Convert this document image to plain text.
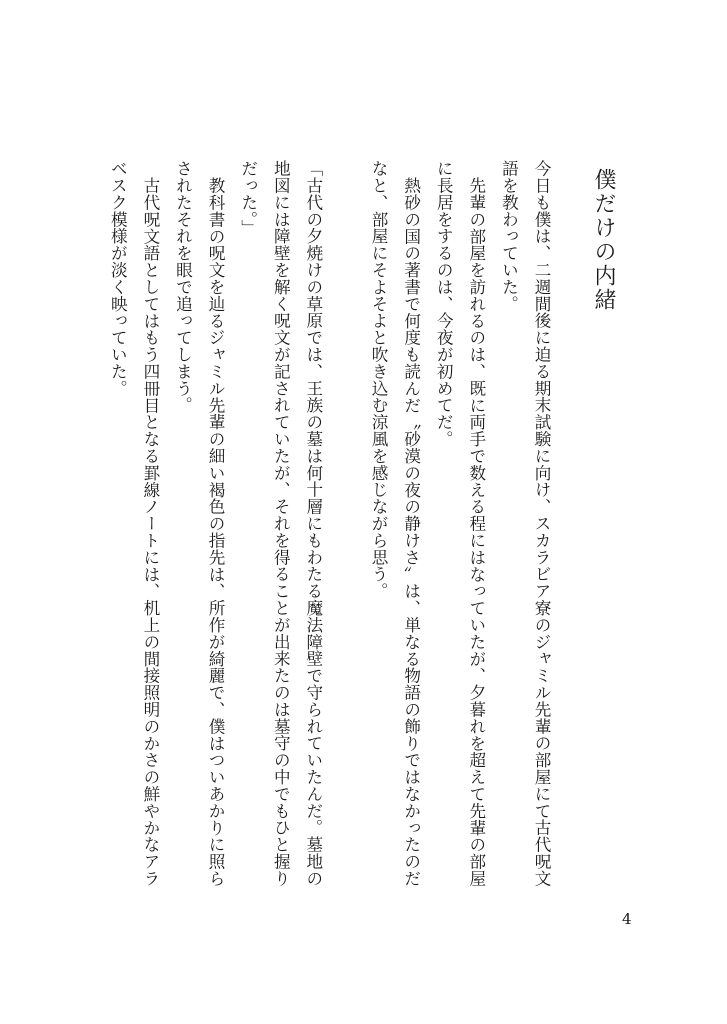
僕だけの内緒

今日も僕は、二週間後に迫る期末試験に向け、スカラビア寮のジャミル先輩の部屋にて古代呪文語を教わっていた。

先輩の部屋を訪れるのは、既に両手で数える程にはなっていたが、夕暮れを超えて先輩の部屋に長居をするのは、今夜が初めてだ。

熱砂の国の著書で何度も読んだ〝砂漠の夜の静けさ〟は、単なる物語の飾りではなかったのだなと、部屋にそよそよと吹き込む涼風を感じながら思う。

「古代の夕焼けの草原では、王族の墓は何十層にもわたる魔法障壁で守られていたんだ。墓地の地図には障壁を解く呪文が記されていたが、それを得ることが出来たのは墓守の中でもひと握りだった。」

教科書の呪文を辿るジャミル先輩の細い褐色の指先は、所作が綺麗で、僕はついあかりに照らされたそれを眼で追ってしまう。

古代呪文語としてはもう四冊目となる罫線ノートには、机上の間接照明のかさの鮮やかなアラベスク模様が淡く映っていた。

4
